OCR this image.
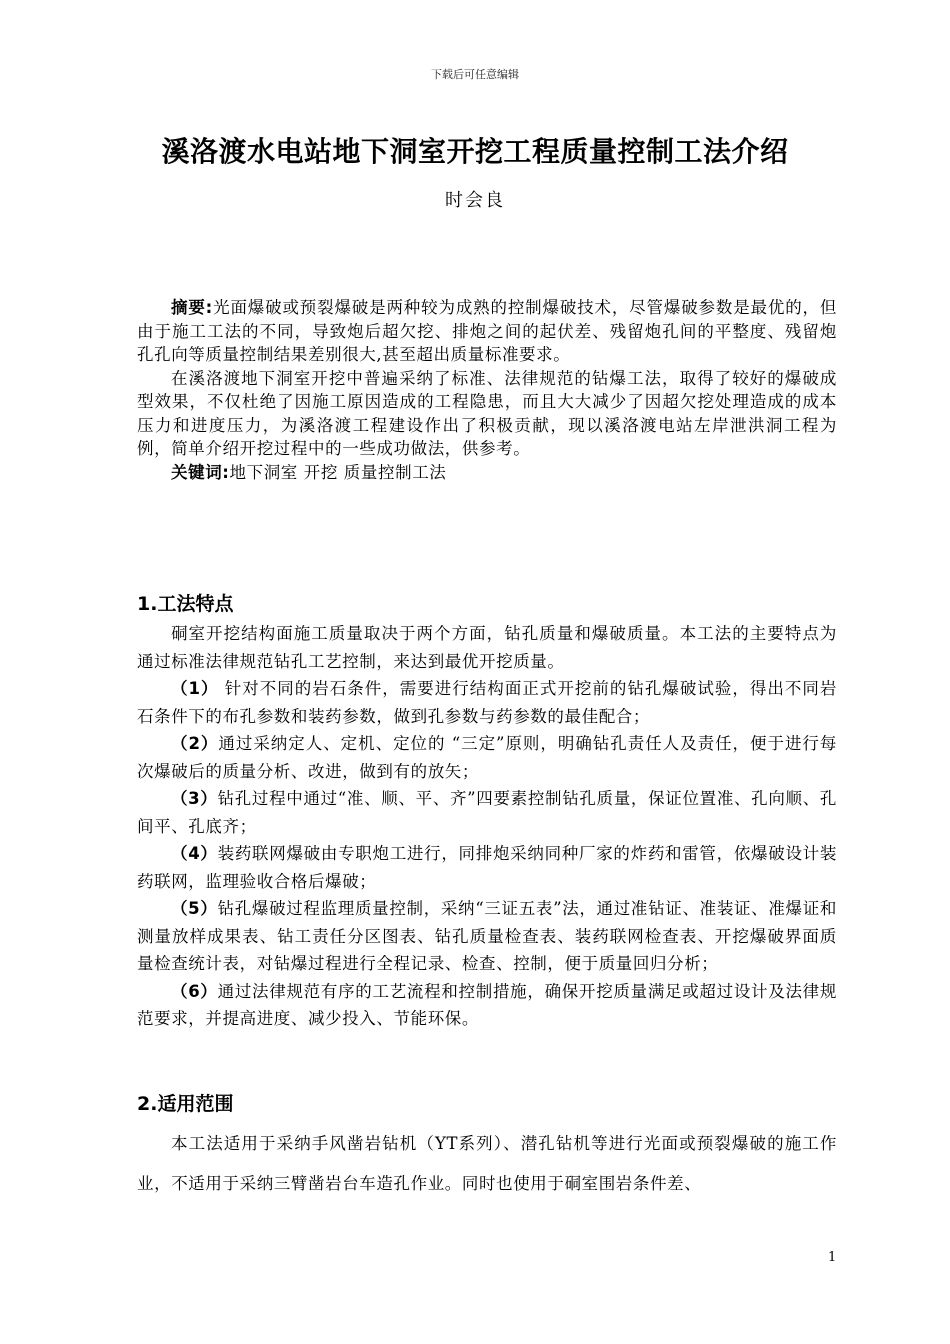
下载后可任意编辑
溪洛渡水电站地下洞室开挖工程质量控制工法介绍
时会良

摘要:光面爆破或预裂爆破是两种较为成熟的控制爆破技术，尽管爆破参数是最优的，但由于施工工法的不同，导致炮后超欠挖、排炮之间的起伏差、残留炮孔间的平整度、残留炮孔孔向等质量控制结果差别很大,甚至超出质量标准要求。

在溪洛渡地下洞室开挖中普遍采纳了标准、法律规范的钻爆工法，取得了较好的爆破成型效果，不仅杜绝了因施工原因造成的工程隐患，而且大大减少了因超欠挖处理造成的成本压力和进度压力，为溪洛渡工程建设作出了积极贡献，现以溪洛渡电站左岸泄洪洞工程为例，简单介绍开挖过程中的一些成功做法，供参考。

关键词:地下洞室 开挖 质量控制工法

1.工法特点

硐室开挖结构面施工质量取决于两个方面，钻孔质量和爆破质量。本工法的主要特点为通过标准法律规范钻孔工艺控制，来达到最优开挖质量。

（1） 针对不同的岩石条件，需要进行结构面正式开挖前的钻孔爆破试验，得出不同岩石条件下的布孔参数和装药参数，做到孔参数与药参数的最佳配合；

（2）通过采纳定人、定机、定位的 “三定”原则，明确钻孔责任人及责任，便于进行每次爆破后的质量分析、改进，做到有的放矢；

（3）钻孔过程中通过“准、顺、平、齐”四要素控制钻孔质量，保证位置准、孔向顺、孔间平、孔底齐；

（4）装药联网爆破由专职炮工进行，同排炮采纳同种厂家的炸药和雷管，依爆破设计装药联网，监理验收合格后爆破；

（5）钻孔爆破过程监理质量控制，采纳“三证五表”法，通过准钻证、准装证、准爆证和测量放样成果表、钻工责任分区图表、钻孔质量检查表、装药联网检查表、开挖爆破界面质量检查统计表，对钻爆过程进行全程记录、检查、控制，便于质量回归分析；

（6）通过法律规范有序的工艺流程和控制措施，确保开挖质量满足或超过设计及法律规范要求，并提高进度、减少投入、节能环保。

2.适用范围

本工法适用于采纳手风凿岩钻机（YT系列）、潜孔钻机等进行光面或预裂爆破的施工作业，不适用于采纳三臂凿岩台车造孔作业。同时也使用于硐室围岩条件差、

1
